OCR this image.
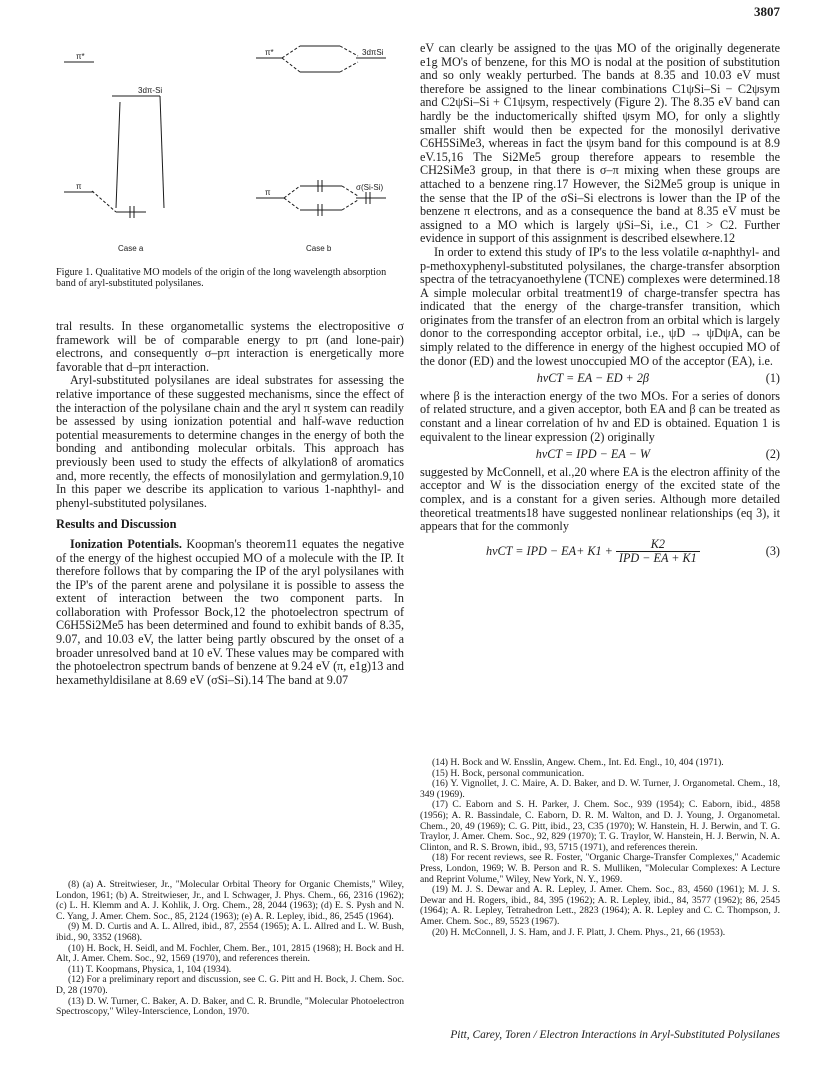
3807
π*
3dπ-Si
π
π*	3dπSi
π
σ(Si-Si)
Case a	Case b
Figure 1. Qualitative MO models of the origin of the long wavelength absorption band of aryl-substituted polysilanes.

tral results. In these organometallic systems the electropositive σ framework will be of comparable energy to pπ (and lone-pair) electrons, and consequently σ–pπ interaction is energetically more favorable that d–pπ interaction.

Aryl-substituted polysilanes are ideal substrates for assessing the relative importance of these suggested mechanisms, since the effect of the interaction of the polysilane chain and the aryl π system can readily be assessed by using ionization potential and half-wave reduction potential measurements to determine changes in the energy of both the bonding and antibonding molecular orbitals. This approach has previously been used to study the effects of alkylation8 of aromatics and, more recently, the effects of monosilylation and germylation.9,10 In this paper we describe its application to various 1-naphthyl- and phenyl-substituted polysilanes.

Results and Discussion

Ionization Potentials. Koopman's theorem11 equates the negative of the energy of the highest occupied MO of a molecule with the IP. It therefore follows that by comparing the IP of the aryl polysilanes with the IP's of the parent arene and polysilane it is possible to assess the extent of interaction between the two component parts. In collaboration with Professor Bock,12 the photoelectron spectrum of C6H5Si2Me5 has been determined and found to exhibit bands of 8.35, 9.07, and 10.03 eV, the latter being partly obscured by the onset of a broader unresolved band at 10 eV. These values may be compared with the photoelectron spectrum bands of benzene at 9.24 eV (π, e1g)13 and hexamethyldisilane at 8.69 eV (σSi–Si).14 The band at 9.07

(8) (a) A. Streitwieser, Jr., "Molecular Orbital Theory for Organic Chemists," Wiley, London, 1961; (b) A. Streitwieser, Jr., and I. Schwager, J. Phys. Chem., 66, 2316 (1962); (c) L. H. Klemm and A. J. Kohlik, J. Org. Chem., 28, 2044 (1963); (d) E. S. Pysh and N. C. Yang, J. Amer. Chem. Soc., 85, 2124 (1963); (e) A. R. Lepley, ibid., 86, 2545 (1964).
(9) M. D. Curtis and A. L. Allred, ibid., 87, 2554 (1965); A. L. Allred and L. W. Bush, ibid., 90, 3352 (1968).
(10) H. Bock, H. Seidl, and M. Fochler, Chem. Ber., 101, 2815 (1968); H. Bock and H. Alt, J. Amer. Chem. Soc., 92, 1569 (1970), and references therein.
(11) T. Koopmans, Physica, 1, 104 (1934).
(12) For a preliminary report and discussion, see C. G. Pitt and H. Bock, J. Chem. Soc. D, 28 (1970).
(13) D. W. Turner, C. Baker, A. D. Baker, and C. R. Brundle, "Molecular Photoelectron Spectroscopy," Wiley-Interscience, London, 1970.

eV can clearly be assigned to the ψas MO of the originally degenerate e1g MO's of benzene, for this MO is nodal at the position of substitution and so only weakly perturbed. The bands at 8.35 and 10.03 eV must therefore be assigned to the linear combinations C1ψSi–Si − C2ψsym and C2ψSi–Si + C1ψsym, respectively (Figure 2). The 8.35 eV band can hardly be the inductomerically shifted ψsym MO, for only a slightly smaller shift would then be expected for the monosilyl derivative C6H5SiMe3, whereas in fact the ψsym band for this compound is at 8.9 eV.15,16 The Si2Me5 group therefore appears to resemble the CH2SiMe3 group, in that there is σ–π mixing when these groups are attached to a benzene ring.17 However, the Si2Me5 group is unique in the sense that the IP of the σSi–Si electrons is lower than the IP of the benzene π electrons, and as a consequence the band at 8.35 eV must be assigned to a MO which is largely ψSi–Si, i.e., C1 > C2. Further evidence in support of this assignment is described elsewhere.12

In order to extend this study of IP's to the less volatile α-naphthyl- and p-methoxyphenyl-substituted polysilanes, the charge-transfer absorption spectra of the tetracyanoethylene (TCNE) complexes were determined.18 A simple molecular orbital treatment19 of charge-transfer spectra has indicated that the energy of the charge-transfer transition, which originates from the transfer of an electron from an orbital which is largely donor to the corresponding acceptor orbital, i.e., ψD → ψDψA, can be simply related to the difference in energy of the highest occupied MO of the donor (ED) and the lowest unoccupied MO of the acceptor (EA), i.e.

hνCT = EA − ED + 2β	(1)

where β is the interaction energy of the two MOs. For a series of donors of related structure, and a given acceptor, both EA and β can be treated as constant and a linear correlation of hν and ED is obtained. Equation 1 is equivalent to the linear expression (2) originally

hνCT = IPD − EA − W	(2)

suggested by McConnell, et al.,20 where EA is the electron affinity of the acceptor and W is the dissociation energy of the excited state of the complex, and is a constant for a given series. Although more detailed theoretical treatments18 have suggested nonlinear relationships (eq 3), it appears that for the commonly

hνCT = IPD − $EA+ K1 + \frac{K2}{\text{IPD − EA + K1}}$	(3)
(14) H. Bock and W. Ensslin, Angew. Chem., Int. Ed. Engl., 10, 404 (1971).
(15) H. Bock, personal communication.
(16) Y. Vignollet, J. C. Maire, A. D. Baker, and D. W. Turner, J. Organometal. Chem., 18, 349 (1969).
(17) C. Eaborn and S. H. Parker, J. Chem. Soc., 939 (1954); C. Eaborn, ibid., 4858 (1956); A. R. Bassindale, C. Eaborn, D. R. M. Walton, and D. J. Young, J. Organometal. Chem., 20, 49 (1969); C. G. Pitt, ibid., 23, C35 (1970); W. Hanstein, H. J. Berwin, and T. G. Traylor, J. Amer. Chem. Soc., 92, 829 (1970); T. G. Traylor, W. Hanstein, H. J. Berwin, N. A. Clinton, and R. S. Brown, ibid., 93, 5715 (1971), and references therein.
(18) For recent reviews, see R. Foster, "Organic Charge-Transfer Complexes," Academic Press, London, 1969; W. B. Person and R. S. Mulliken, "Molecular Complexes: A Lecture and Reprint Volume," Wiley, New York, N. Y., 1969.
(19) M. J. S. Dewar and A. R. Lepley, J. Amer. Chem. Soc., 83, 4560 (1961); M. J. S. Dewar and H. Rogers, ibid., 84, 395 (1962); A. R. Lepley, ibid., 84, 3577 (1962); 86, 2545 (1964); A. R. Lepley, Tetrahedron Lett., 2823 (1964); A. R. Lepley and C. C. Thompson, J. Amer. Chem. Soc., 89, 5523 (1967).
(20) H. McConnell, J. S. Ham, and J. F. Platt, J. Chem. Phys., 21, 66 (1953).
Pitt, Carey, Toren / Electron Interactions in Aryl-Substituted Polysilanes
